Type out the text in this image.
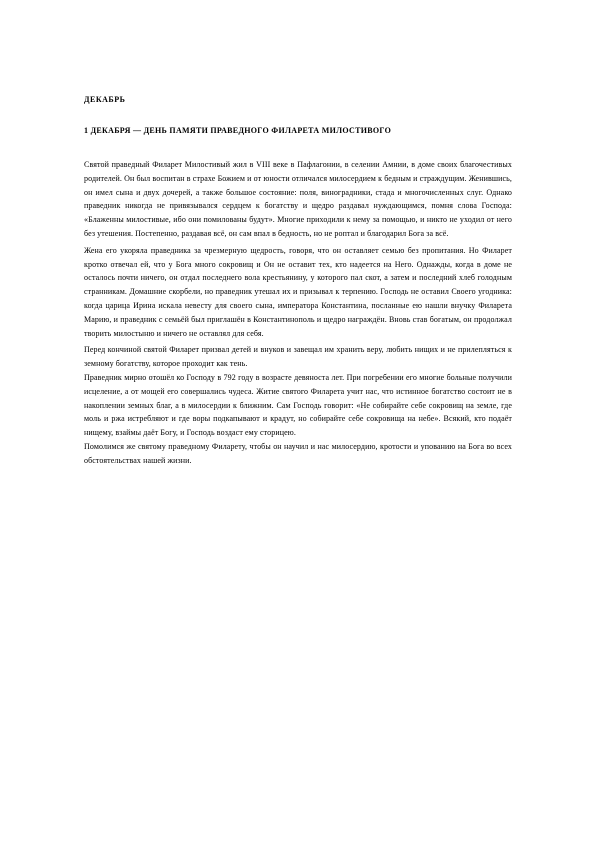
ДЕКАБРЬ
1 ДЕКАБРЯ — ДЕНЬ ПАМЯТИ ПРАВЕДНОГО ФИЛАРЕТА МИЛОСТИВОГО

Святой праведный Филарет Милостивый жил в VIII веке в Пафлагонии, в селении Амнии, в доме своих благочестивых родителей. Он был воспитан в страхе Божием и от юности отличался милосердием к бедным и страждущим. Женившись, он имел сына и двух дочерей, а также большое состояние: поля, виноградники, стада и многочисленных слуг. Однако праведник никогда не привязывался сердцем к богатству и щедро раздавал нуждающимся, помня слова Господа: «Блаженны милостивые, ибо они помилованы будут». Многие приходили к нему за помощью, и никто не уходил от него без утешения. Постепенно, раздавая всё, он сам впал в бедность, но не роптал и благодарил Бога за всё.

Жена его укоряла праведника за чрезмерную щедрость, говоря, что он оставляет семью без пропитания. Но Филарет кротко отвечал ей, что у Бога много сокровищ и Он не оставит тех, кто надеется на Него. Однажды, когда в доме не осталось почти ничего, он отдал последнего вола крестьянину, у которого пал скот, а затем и последний хлеб голодным странникам. Домашние скорбели, но праведник утешал их и призывал к терпению. Господь не оставил Своего угодника: когда царица Ирина искала невесту для своего сына, императора Константина, посланные ею нашли внучку Филарета Марию, и праведник с семьёй был приглашён в Константинополь и щедро награждён. Вновь став богатым, он продолжал творить милостыню и ничего не оставлял для себя.

Перед кончиной святой Филарет призвал детей и внуков и завещал им хранить веру, любить нищих и не прилепляться к земному богатству, которое проходит как тень.

Праведник мирно отошёл ко Господу в 792 году в возрасте девяноста лет. При погребении его многие больные получили исцеление, а от мощей его совершались чудеса. Житие святого Филарета учит нас, что истинное богатство состоит не в накоплении земных благ, а в милосердии к ближним. Сам Господь говорит: «Не собирайте себе сокровищ на земле, где моль и ржа истребляют и где воры подкапывают и крадут, но собирайте себе сокровища на небе». Всякий, кто подаёт нищему, взаймы даёт Богу, и Господь воздаст ему сторицею.

Помолимся же святому праведному Филарету, чтобы он научил и нас милосердию, кротости и упованию на Бога во всех обстоятельствах нашей жизни.
